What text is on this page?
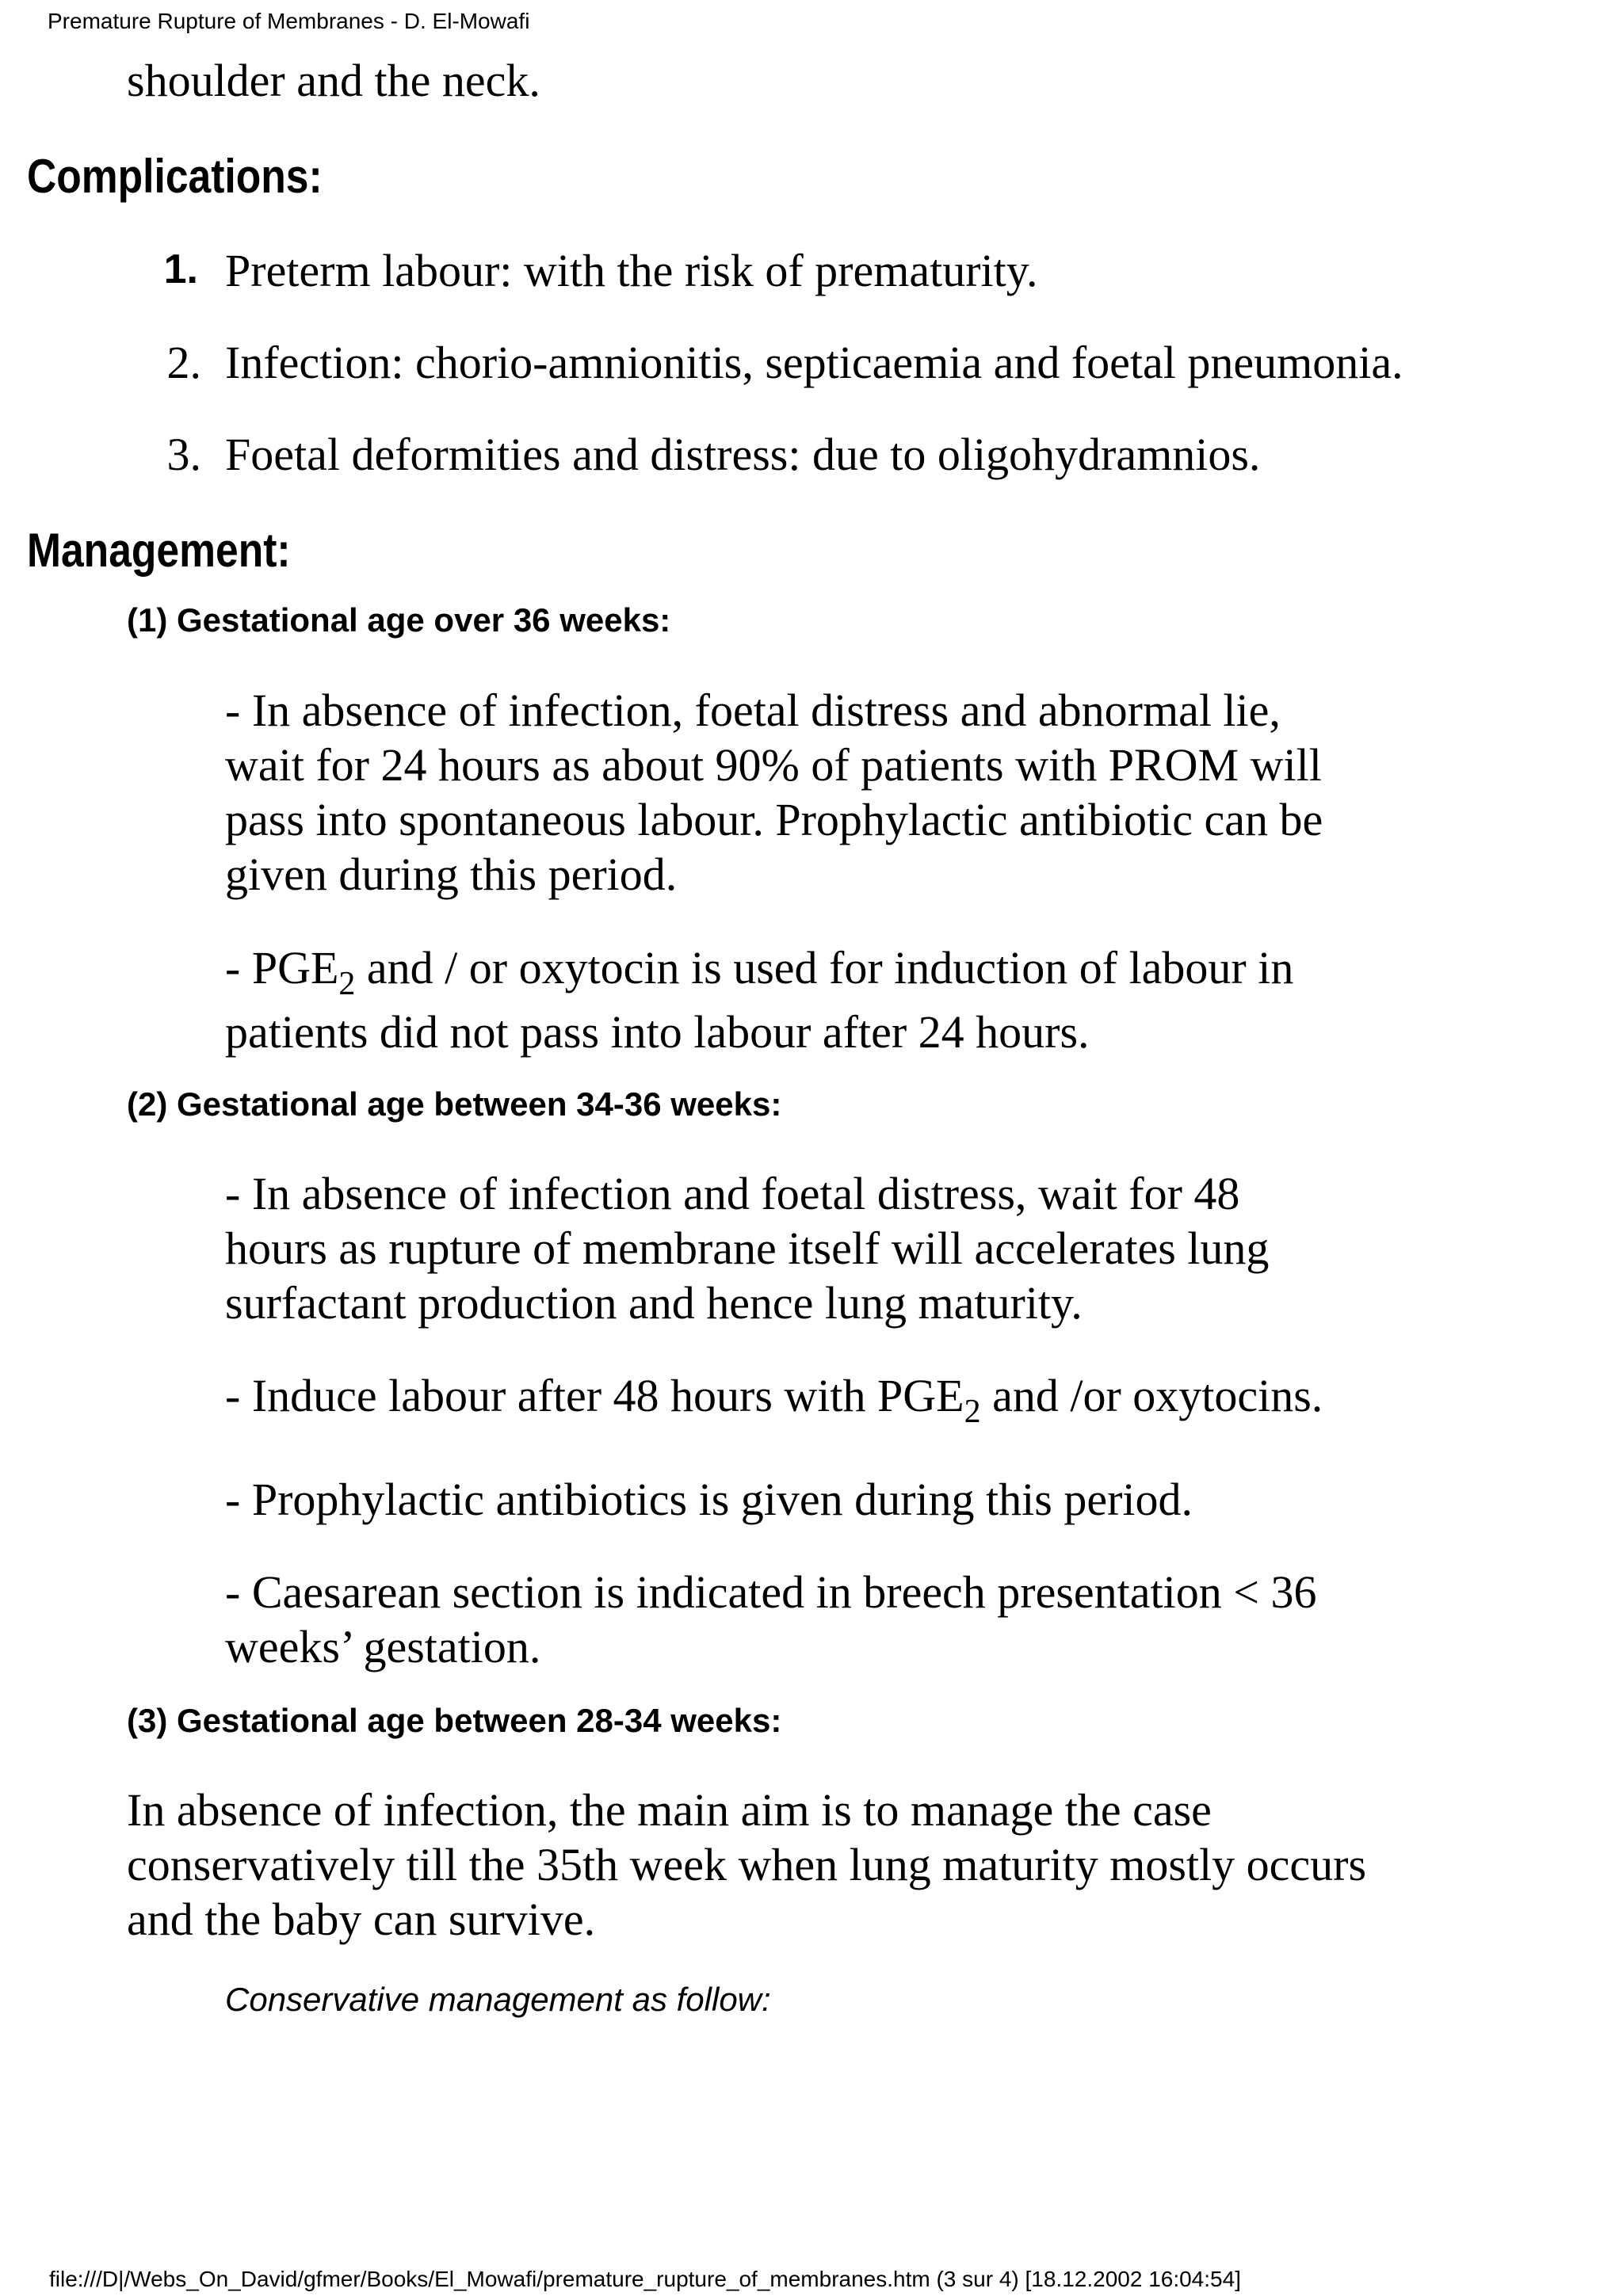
Premature Rupture of Membranes - D. El-Mowafi
shoulder and the neck.
Complications:
1. Preterm labour: with the risk of prematurity.
2. Infection: chorio-amnionitis, septicaemia and foetal pneumonia.
3. Foetal deformities and distress: due to oligohydramnios.
Management:
(1) Gestational age over 36 weeks:
- In absence of infection, foetal distress and abnormal lie,
wait for 24 hours as about 90% of patients with PROM will
pass into spontaneous labour. Prophylactic antibiotic can be
given during this period.
- $PGE_2$ and / or oxytocin is used for induction of labour in
patients did not pass into labour after 24 hours.
(2) Gestational age between 34-36 weeks:
- In absence of infection and foetal distress, wait for 48
hours as rupture of membrane itself will accelerates lung
surfactant production and hence lung maturity.
- Induce labour after 48 hours with $PGE_2$ and /or oxytocins.
- Prophylactic antibiotics is given during this period.
- Caesarean section is indicated in breech presentation < 36
weeks’ gestation.
(3) Gestational age between 28-34 weeks:
In absence of infection, the main aim is to manage the case
conservatively till the 35th week when lung maturity mostly occurs
and the baby can survive.
Conservative management as follow:
file:///D|/Webs_On_David/gfmer/Books/El_Mowafi/premature_rupture_of_membranes.htm (3 sur 4) [18.12.2002 16:04:54]
